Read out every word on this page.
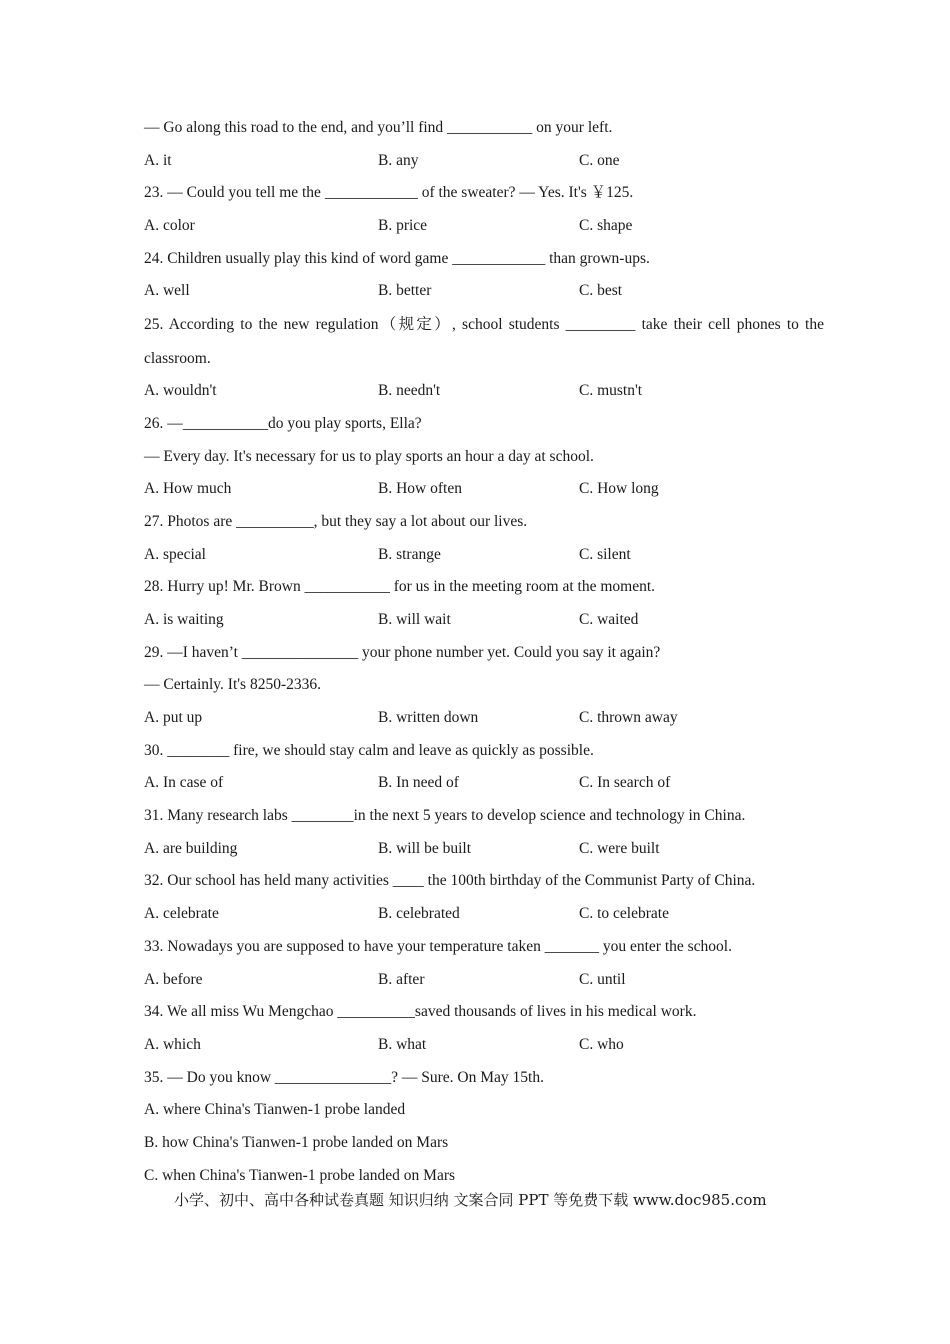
— Go along this road to the end, and you’ll find ___________ on your left.
A. it	B. any	C. one
23. — Could you tell me the ____________ of the sweater? — Yes. It's ￥125.
A. color	B. price	C. shape
24. Children usually play this kind of word game ____________ than grown-ups.
A. well	B. better	C. best
25. According to the new regulation（规定）, school students _________ take their cell phones to the classroom.
A. wouldn't	B. needn't	C. mustn't
26. —___________do you play sports, Ella?
— Every day. It's necessary for us to play sports an hour a day at school.
A. How much	B. How often	C. How long
27. Photos are __________, but they say a lot about our lives.
A. special	B. strange	C. silent
28. Hurry up! Mr. Brown ___________ for us in the meeting room at the moment.
A. is waiting	B. will wait	C. waited
29. —I haven’t _______________ your phone number yet. Could you say it again?
— Certainly. It's 8250-2336.
A. put up	B. written down	C. thrown away
30. ________ fire, we should stay calm and leave as quickly as possible.
A. In case of	B. In need of	C. In search of
31. Many research labs ________in the next 5 years to develop science and technology in China.
A. are building	B. will be built	C. were built
32. Our school has held many activities ____ the 100th birthday of the Communist Party of China.
A. celebrate	B. celebrated	C. to celebrate
33. Nowadays you are supposed to have your temperature taken _______ you enter the school.
A. before	B. after	C. until
34. We all miss Wu Mengchao __________saved thousands of lives in his medical work.
A. which	B. what	C. who
35. — Do you know _______________? — Sure. On May 15th.
A. where China's Tianwen-1 probe landed
B. how China's Tianwen-1 probe landed on Mars
C. when China's Tianwen-1 probe landed on Mars
小学、初中、高中各种试卷真题 知识归纳 文案合同 PPT 等免费下载 www.doc985.com
